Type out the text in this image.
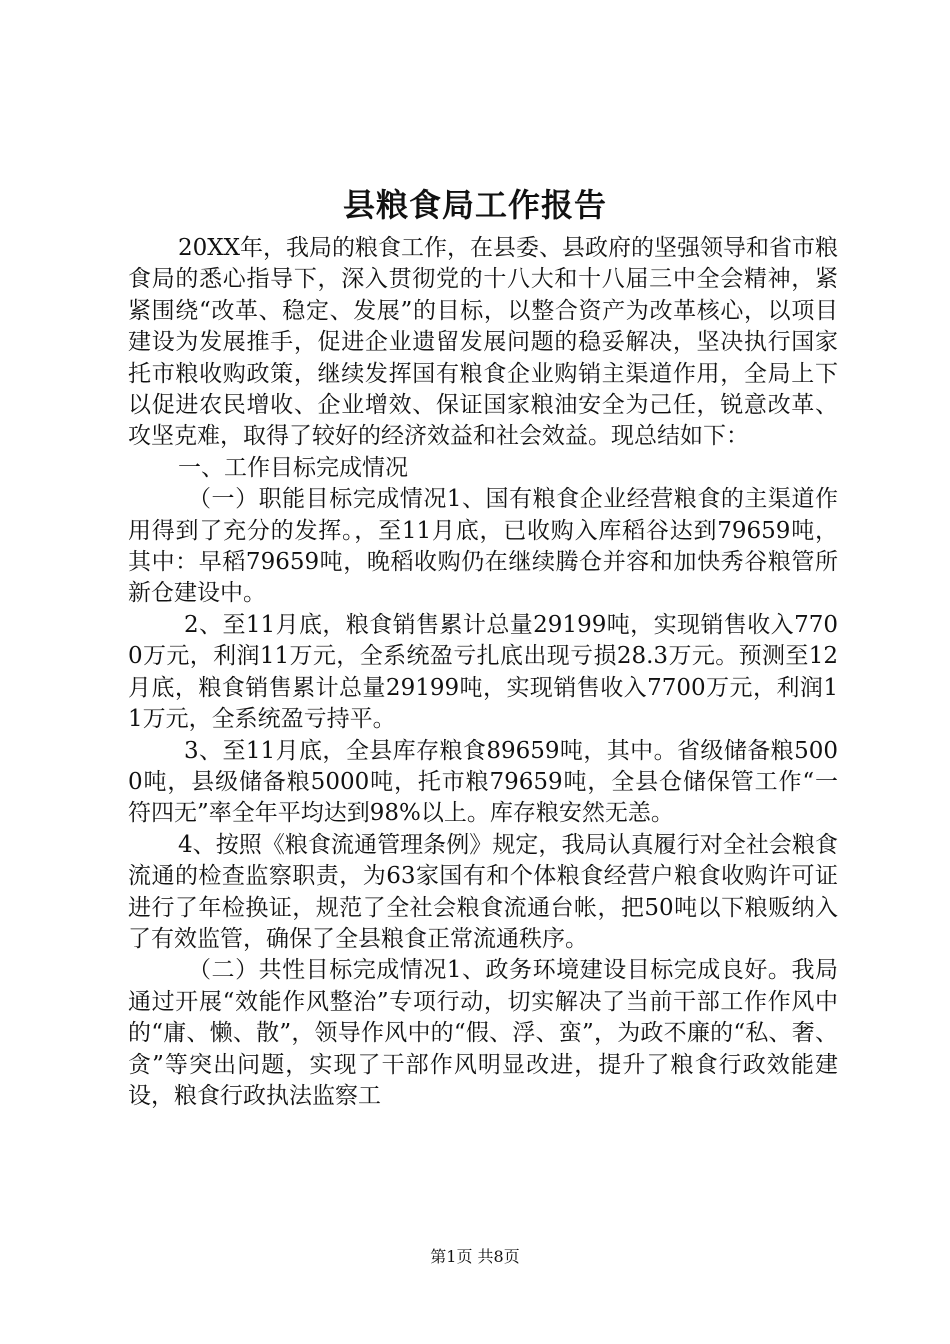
县粮食局工作报告

20XX年，我局的粮食工作，在县委、县政府的坚强领导和省市粮食局的悉心指导下，深入贯彻党的十八大和十八届三中全会精神，紧紧围绕“改革、稳定、发展”的目标，以整合资产为改革核心，以项目建设为发展推手，促进企业遗留发展问题的稳妥解决，坚决执行国家托市粮收购政策，继续发挥国有粮食企业购销主渠道作用，全局上下以促进农民增收、企业增效、保证国家粮油安全为己任，锐意改革、攻坚克难，取得了较好的经济效益和社会效益。现总结如下：

一、工作目标完成情况

（一）职能目标完成情况1、国有粮食企业经营粮食的主渠道作用得到了充分的发挥。，至11月底，已收购入库稻谷达到79659吨，其中：早稻79659吨，晚稻收购仍在继续腾仓并容和加快秀谷粮管所新仓建设中。

2、至11月底，粮食销售累计总量29199吨，实现销售收入7700万元，利润11万元，全系统盈亏扎底出现亏损28.3万元。预测至12月底，粮食销售累计总量29199吨，实现销售收入7700万元，利润11万元，全系统盈亏持平。

3、至11月底，全县库存粮食89659吨，其中。省级储备粮5000吨，县级储备粮5000吨，托市粮79659吨，全县仓储保管工作“一符四无”率全年平均达到98%以上。库存粮安然无恙。

4、按照《粮食流通管理条例》规定，我局认真履行对全社会粮食流通的检查监察职责，为63家国有和个体粮食经营户粮食收购许可证进行了年检换证，规范了全社会粮食流通台帐，把50吨以下粮贩纳入了有效监管，确保了全县粮食正常流通秩序。

（二）共性目标完成情况1、政务环境建设目标完成良好。我局通过开展“效能作风整治”专项行动，切实解决了当前干部工作作风中的“庸、懒、散”，领导作风中的“假、浮、蛮”，为政不廉的“私、奢、贪”等突出问题，实现了干部作风明显改进，提升了粮食行政效能建设，粮食行政执法监察工

第1页 共8页
